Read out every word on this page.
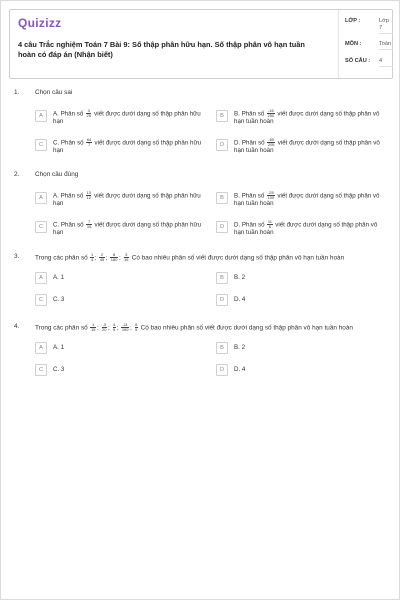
Quizizz
4 câu Trắc nghiệm Toán 7 Bài 9: Số thập phân hữu hạn. Số thập phân vô hạn tuần hoàn có đáp án (Nhận biết)
LỚP :	Lớp 7
MÔN :	Toán
SỐ CÂU : 4
1. Chọn câu sai
A	A. Phân số $\frac{3}{25}$ viết được dưới dạng số thập phân hữu hạn
B	B. Phân số $\frac{-16}{250}$ viết được dưới dạng số thập phân vô hạn tuần hoàn
C	C. Phân số $\frac{64}{7}$ viết được dưới dạng số thập phân hữu hạn
D	D. Phân số $\frac{-50}{205}$ viết được dưới dạng số thập phân vô hạn tuần hoàn
2. Chọn câu đúng
A	A. Phân số $\frac{13}{12}$ viết được dưới dạng số thập phân hữu hạn
B	B. Phân số $\frac{-25}{100}$ viết được dưới dạng số thập phân vô hạn tuần hoàn
C	C. Phân số $\frac{7}{15}$ viết được dưới dạng số thập phân hữu hạn
D	D. Phân số $\frac{11}{6}$ viết được dưới dạng số thập phân vô hạn tuần hoàn
3. Trong các phân số $\frac{1}{4}$ ; $\frac{2}{45}$ ; $\frac{8}{180}$ ; $\frac{3}{16}$ Có bao nhiêu phân số viết được dưới dạng số thập phân vô hạn tuần hoàn
A	A. 1	B	B. 2
C	C. 3	D	D. 4
4. Trong các phân số $\frac{1}{15}$ ; $\frac{-3}{20}$ ; $\frac{4}{9}$ ; $\frac{-11}{100}$ ; $\frac{6}{5}$ Có bao nhiêu phân số viết được dưới dạng số thập phân vô hạn tuần hoàn
A	A. 1	B	B. 2
C	C. 3	D	D. 4
